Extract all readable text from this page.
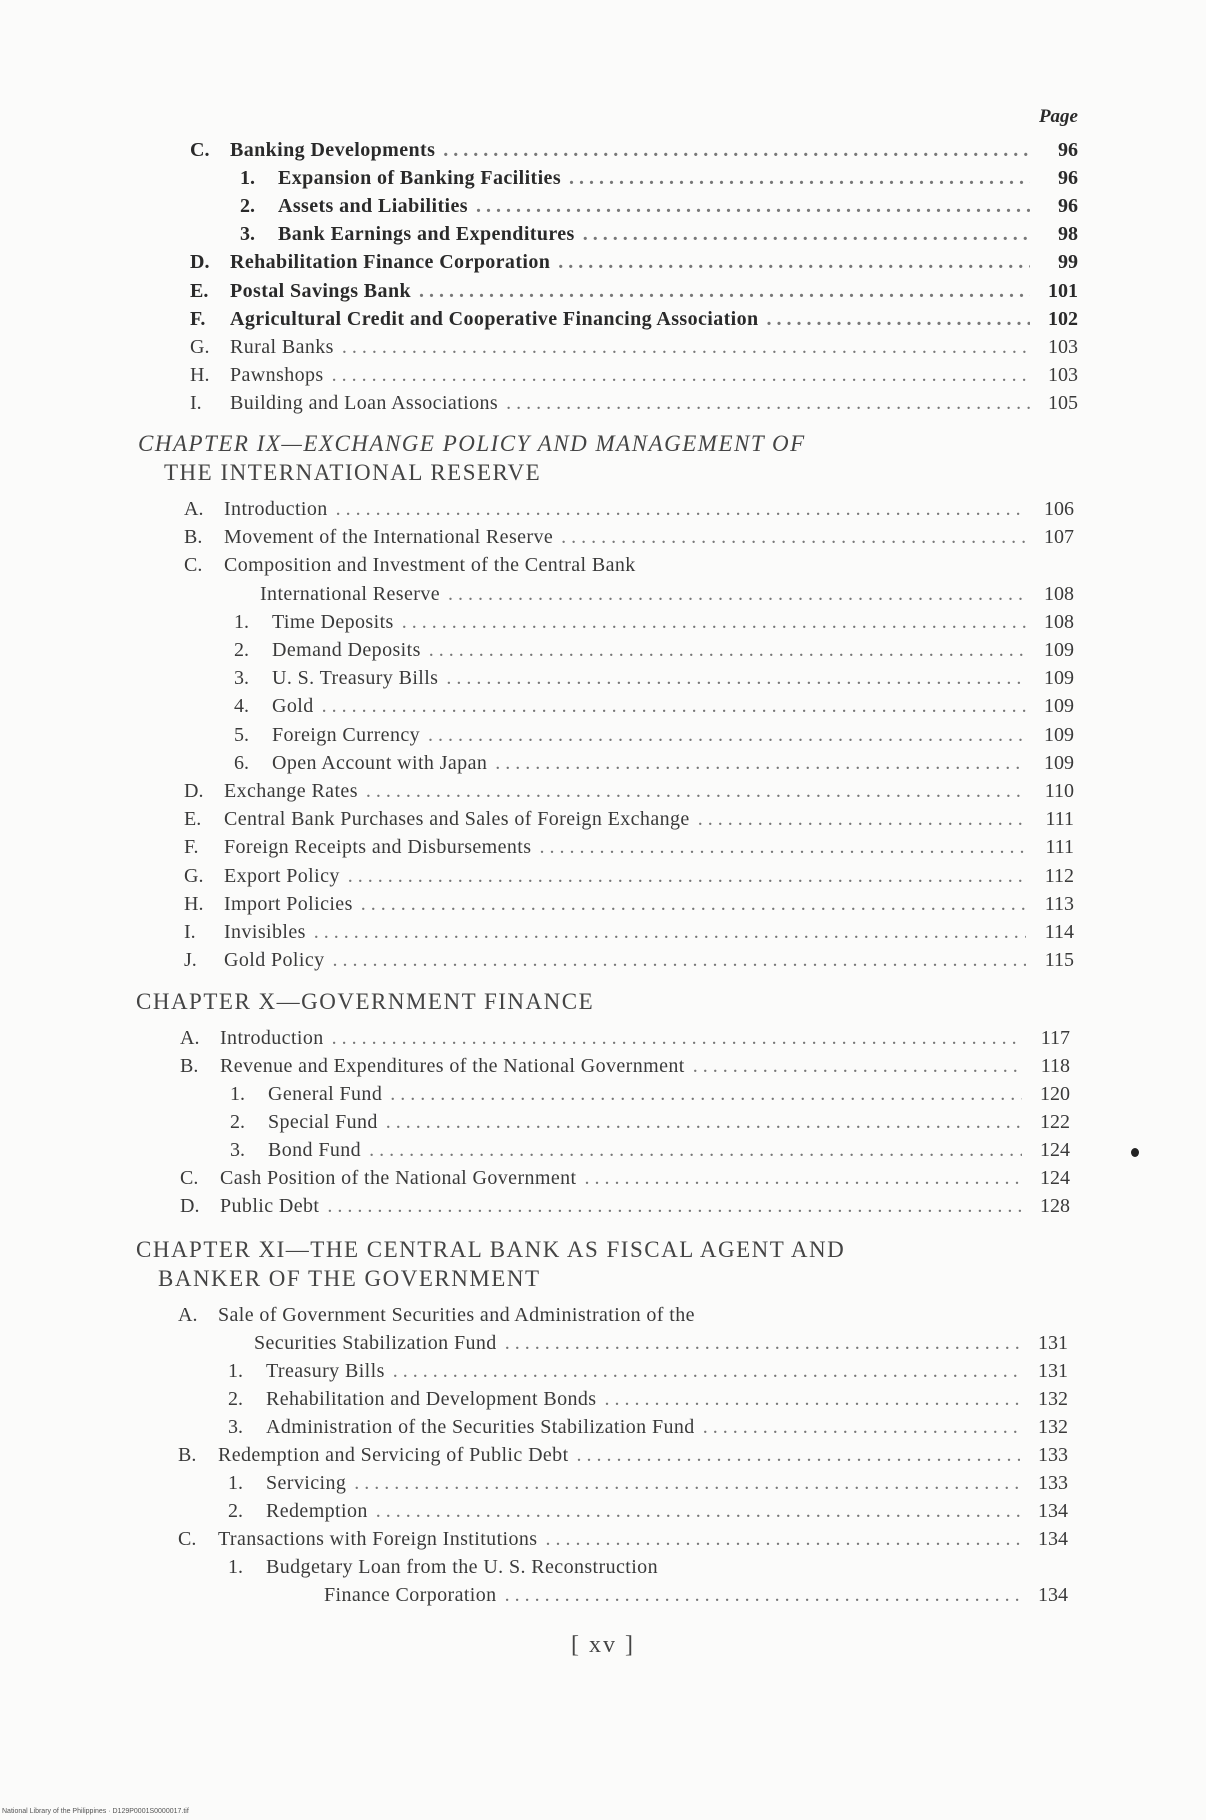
Page
C.	Banking Developments . . .	96
1.	Expansion of Banking Facilities . . .	96
2.	Assets and Liabilities . . .	96
3.	Bank Earnings and Expenditures . . .	98
D.	Rehabilitation Finance Corporation . . .	99
E.	Postal Savings Bank . . .	101
F.	Agricultural Credit and Cooperative Financing Association . . .	102
G.	Rural Banks . . .	103
H.	Pawnshops . . .	103
I.	Building and Loan Associations . . .	105
CHAPTER IX—EXCHANGE POLICY AND MANAGEMENT OF
THE INTERNATIONAL RESERVE
A.	Introduction . . .	106
B.	Movement of the International Reserve . . .	107
C.	Composition and Investment of the Central Bank
International Reserve . . .	108
1.	Time Deposits . . .	108
2.	Demand Deposits . . .	109
3.	U. S. Treasury Bills . . .	109
4.	Gold . . .	109
5.	Foreign Currency . . .	109
6.	Open Account with Japan . . .	109
D.	Exchange Rates . . .	110
E.	Central Bank Purchases and Sales of Foreign Exchange . . .	111
F.	Foreign Receipts and Disbursements . . .	111
G.	Export Policy . . .	112
H.	Import Policies . . .	113
I.	Invisibles . . .	114
J.	Gold Policy . . .	115
CHAPTER X—GOVERNMENT FINANCE
A.	Introduction . . .	117
B.	Revenue and Expenditures of the National Government . . .	118
1.	General Fund . . .	120
2.	Special Fund . . .	122
3.	Bond Fund . . .	124
C.	Cash Position of the National Government . . .	124
D.	Public Debt . . .	128
CHAPTER XI—THE CENTRAL BANK AS FISCAL AGENT AND
BANKER OF THE GOVERNMENT
A.	Sale of Government Securities and Administration of the
Securities Stabilization Fund . . .	131
1.	Treasury Bills . . .	131
2.	Rehabilitation and Development Bonds . . .	132
3.	Administration of the Securities Stabilization Fund . . .	132
B.	Redemption and Servicing of Public Debt . . .	133
1.	Servicing . . .	133
2.	Redemption . . .	134
C.	Transactions with Foreign Institutions . . .	134
1.	Budgetary Loan from the U. S. Reconstruction
Finance Corporation . . .	134
[ xv ]
National Library of the Philippines · D129P0001S0000017.tif
